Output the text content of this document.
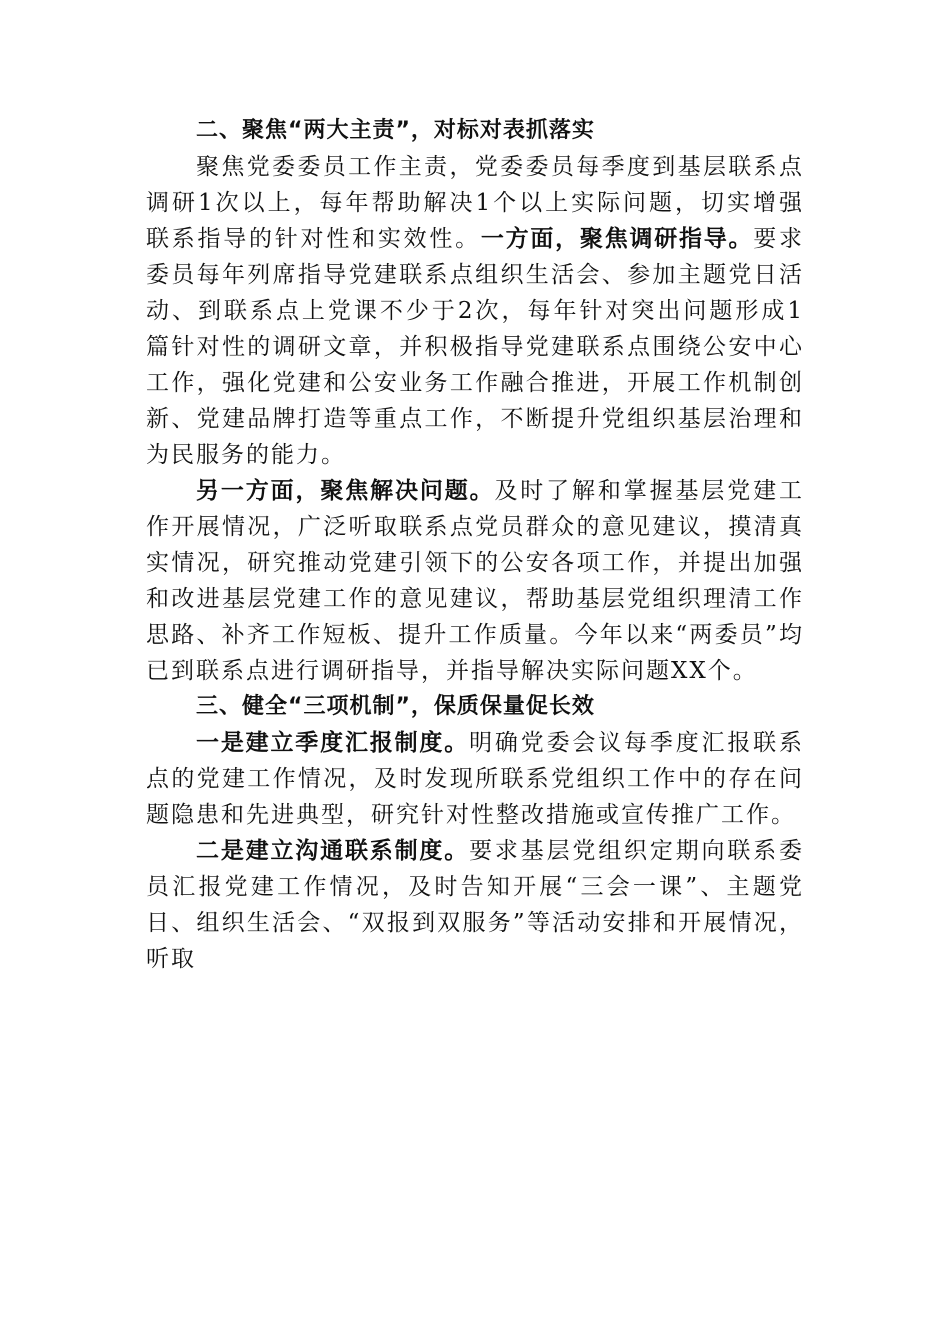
二、聚焦“两大主责”，对标对表抓落实

聚焦党委委员工作主责，党委委员每季度到基层联系点调研1次以上，每年帮助解决1个以上实际问题，切实增强联系指导的针对性和实效性。一方面，聚焦调研指导。要求委员每年列席指导党建联系点组织生活会、参加主题党日活动、到联系点上党课不少于2次，每年针对突出问题形成1篇针对性的调研文章，并积极指导党建联系点围绕公安中心工作，强化党建和公安业务工作融合推进，开展工作机制创新、党建品牌打造等重点工作，不断提升党组织基层治理和为民服务的能力。

另一方面，聚焦解决问题。及时了解和掌握基层党建工作开展情况，广泛听取联系点党员群众的意见建议，摸清真实情况，研究推动党建引领下的公安各项工作，并提出加强和改进基层党建工作的意见建议，帮助基层党组织理清工作思路、补齐工作短板、提升工作质量。今年以来“两委员”均已到联系点进行调研指导，并指导解决实际问题XX个。

三、健全“三项机制”，保质保量促长效

一是建立季度汇报制度。明确党委会议每季度汇报联系点的党建工作情况，及时发现所联系党组织工作中的存在问题隐患和先进典型，研究针对性整改措施或宣传推广工作。

二是建立沟通联系制度。要求基层党组织定期向联系委员汇报党建工作情况，及时告知开展“三会一课”、主题党日、组织生活会、“双报到双服务”等活动安排和开展情况，听取
